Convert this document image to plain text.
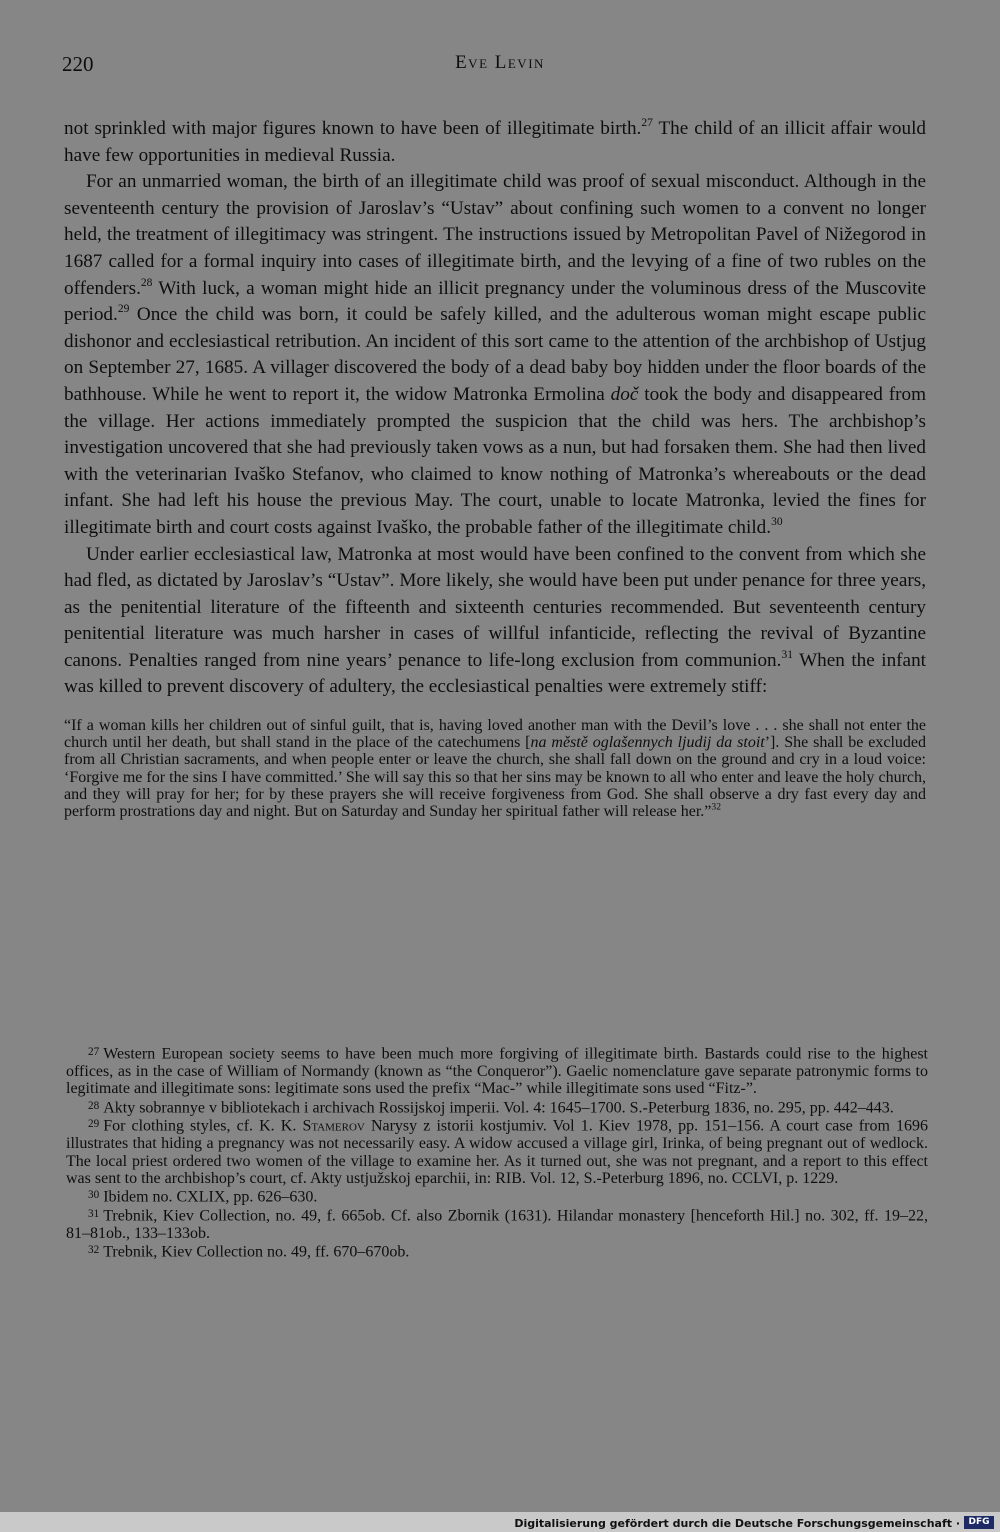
220	Eve Levin

not sprinkled with major figures known to have been of illegitimate birth.$^{27}$ The child of an illicit affair would have few opportunities in medieval Russia.

For an unmarried woman, the birth of an illegitimate child was proof of sexual misconduct. Although in the seventeenth century the provision of Jaroslav’s “Ustav” about confining such women to a convent no longer held, the treatment of illegitimacy was stringent. The instructions issued by Metropolitan Pavel of Nižegorod in 1687 called for a formal inquiry into cases of illegitimate birth, and the levying of a fine of two rubles on the offenders.$^{28}$ With luck, a woman might hide an illicit pregnancy under the voluminous dress of the Muscovite period.$^{29}$ Once the child was born, it could be safely killed, and the adulterous woman might escape public dishonor and ecclesiastical retribution. An incident of this sort came to the attention of the archbishop of Ustjug on September 27, 1685. A villager discovered the body of a dead baby boy hidden under the floor boards of the bathhouse. While he went to report it, the widow Matronka Ermolina doč took the body and disappeared from the village. Her actions immediately prompted the suspicion that the child was hers. The archbishop’s investigation uncovered that she had previously taken vows as a nun, but had forsaken them. She had then lived with the veterinarian Ivaško Stefanov, who claimed to know nothing of Matronka’s whereabouts or the dead infant. She had left his house the previous May. The court, unable to locate Matronka, levied the fines for illegitimate birth and court costs against Ivaško, the probable father of the illegitimate child.$^{30}$

Under earlier ecclesiastical law, Matronka at most would have been confined to the convent from which she had fled, as dictated by Jaroslav’s “Ustav”. More likely, she would have been put under penance for three years, as the penitential literature of the fifteenth and sixteenth centuries recommended. But seventeenth century penitential literature was much harsher in cases of willful infanticide, reflecting the revival of Byzantine canons. Penalties ranged from nine years’ penance to life-long exclusion from communion.$^{31}$ When the infant was killed to prevent discovery of adultery, the ecclesiastical penalties were extremely stiff:

“If a woman kills her children out of sinful guilt, that is, having loved another man with the Devil’s love . . . she shall not enter the church until her death, but shall stand in the place of the catechumens [na městě oglašennych ljudij da stoit’]. She shall be excluded from all Christian sacraments, and when people enter or leave the church, she shall fall down on the ground and cry in a loud voice: ‘Forgive me for the sins I have committed.’ She will say this so that her sins may be known to all who enter and leave the holy church, and they will pray for her; for by these prayers she will receive forgiveness from God. She shall observe a dry fast every day and perform prostrations day and night. But on Saturday and Sunday her spiritual father will release her.”$^{32}$

$^{27}$ Western European society seems to have been much more forgiving of illegitimate birth. Bastards could rise to the highest offices, as in the case of William of Normandy (known as “the Conqueror”). Gaelic nomenclature gave separate patronymic forms to legitimate and illegitimate sons: legitimate sons used the prefix “Mac-” while illegitimate sons used “Fitz-”.

$^{28}$ Akty sobrannye v bibliotekach i archivach Rossijskoj imperii. Vol. 4: 1645–1700. S.-Peterburg 1836, no. 295, pp. 442–443.

$^{29}$ For clothing styles, cf. K. K. Stamerov Narysy z istorii kostjumiv. Vol 1. Kiev 1978, pp. 151–156. A court case from 1696 illustrates that hiding a pregnancy was not necessarily easy. A widow accused a village girl, Irinka, of being pregnant out of wedlock. The local priest ordered two women of the village to examine her. As it turned out, she was not pregnant, and a report to this effect was sent to the archbishop’s court, cf. Akty ustjužskoj eparchii, in: RIB. Vol. 12, S.-Peterburg 1896, no. CCLVI, p. 1229.

$^{30}$ Ibidem no. CXLIX, pp. 626–630.

$^{31}$ Trebnik, Kiev Collection, no. 49, f. 665ob. Cf. also Zbornik (1631). Hilandar monastery [henceforth Hil.] no. 302, ff. 19–22, 81–81ob., 133–133ob.

$^{32}$ Trebnik, Kiev Collection no. 49, ff. 670–670ob.

Digitalisierung gefördert durch die Deutsche Forschungsgemeinschaft · DFG
